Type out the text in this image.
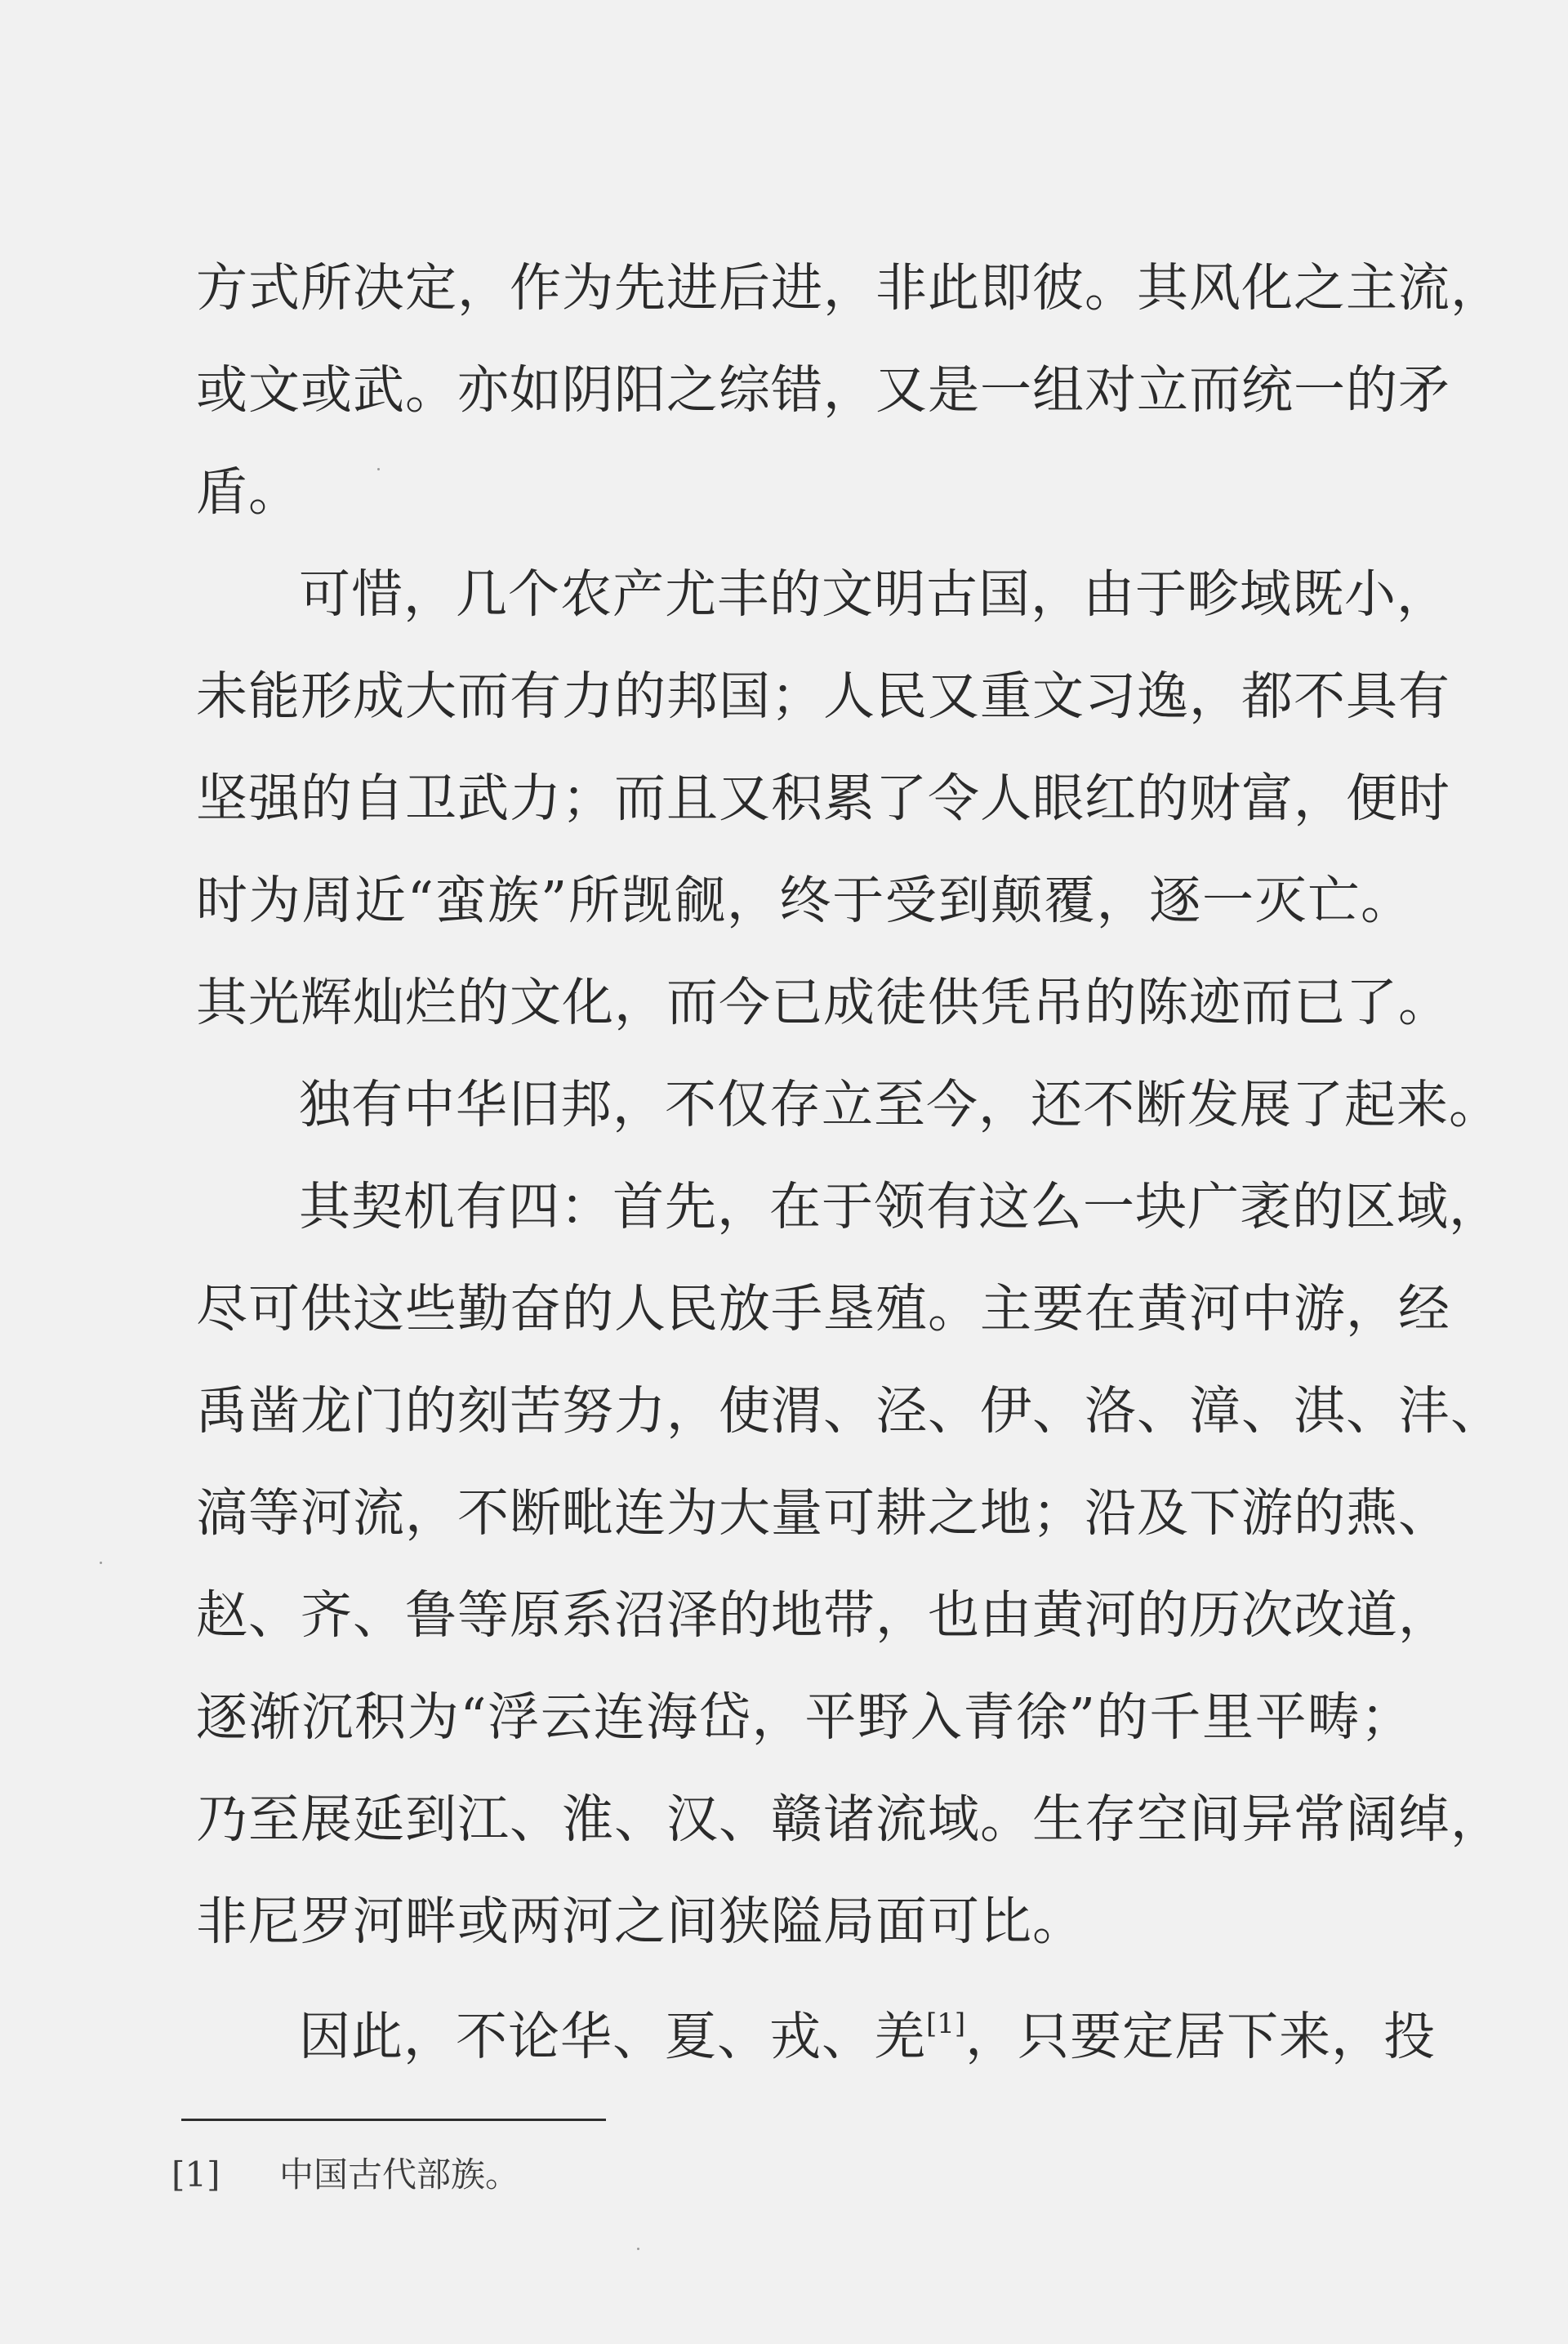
方式所决定，作为先进后进，非此即彼。其风化之主流，
或文或武。亦如阴阳之综错，又是一组对立而统一的矛
盾。
可惜，几个农产尤丰的文明古国，由于畛域既小，
未能形成大而有力的邦国；人民又重文习逸，都不具有
坚强的自卫武力；而且又积累了令人眼红的财富，便时
时为周近“蛮族”所觊觎，终于受到颠覆，逐一灭亡。
其光辉灿烂的文化，而今已成徒供凭吊的陈迹而已了。
独有中华旧邦，不仅存立至今，还不断发展了起来。
其契机有四：首先，在于领有这么一块广袤的区域，
尽可供这些勤奋的人民放手垦殖。主要在黄河中游，经
禹凿龙门的刻苦努力，使渭、泾、伊、洛、漳、淇、沣、
滈等河流，不断毗连为大量可耕之地；沿及下游的燕、
赵、齐、鲁等原系沼泽的地带，也由黄河的历次改道，
逐渐沉积为“浮云连海岱，平野入青徐”的千里平畴；
乃至展延到江、淮、汉、赣诸流域。生存空间异常阔绰，
非尼罗河畔或两河之间狭隘局面可比。
因此，不论华、夏、戎、羌[1]，只要定居下来，投
[1] 中国古代部族。
